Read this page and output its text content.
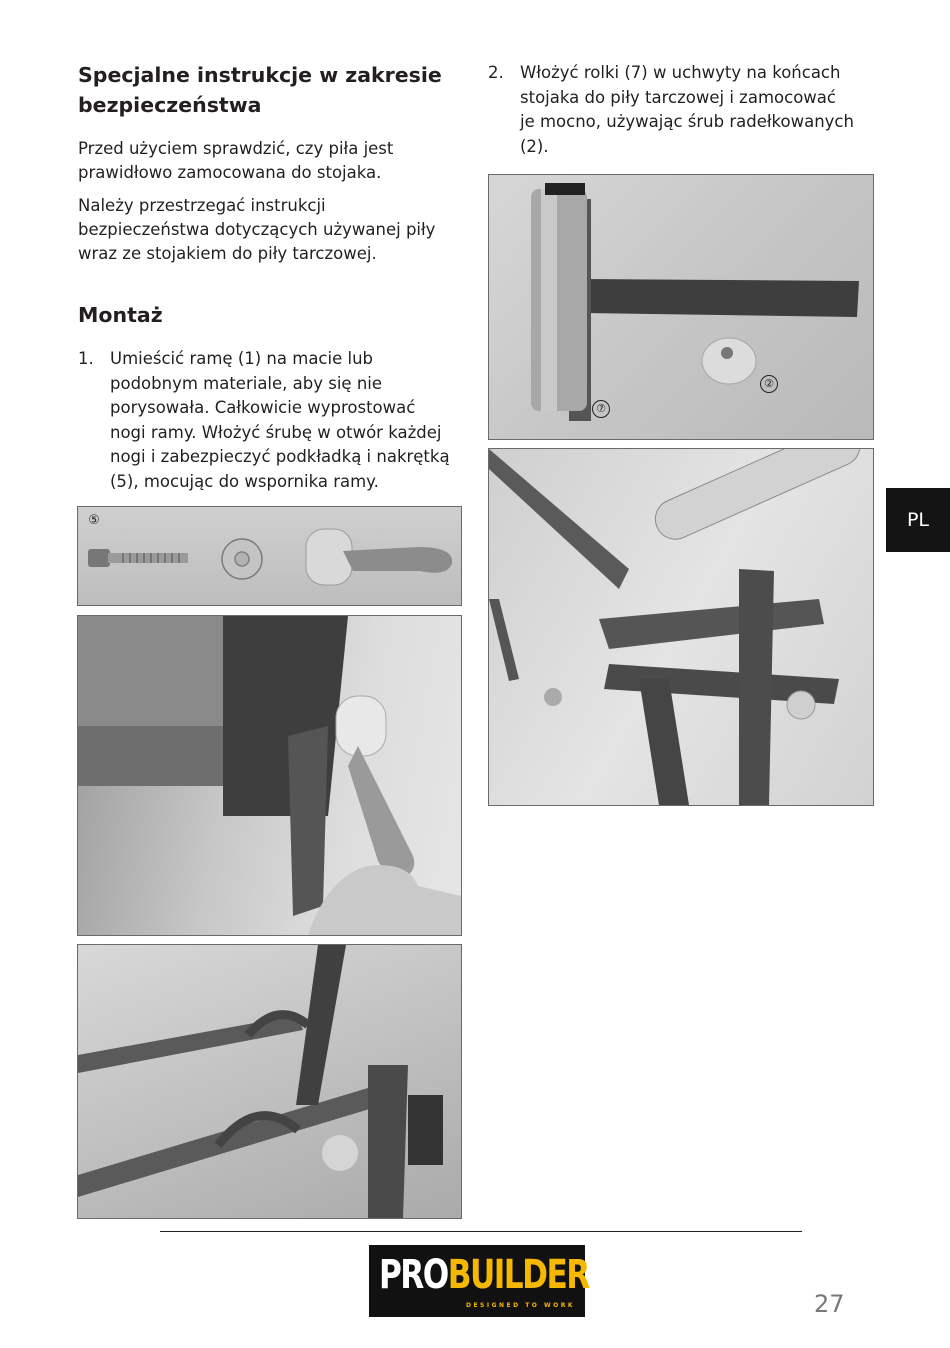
Specjalne instrukcje w zakresie
bezpieczeństwa

Przed użyciem sprawdzić, czy piła jest

prawidłowo zamocowana do stojaka.

Należy przestrzegać instrukcji

bezpieczeństwa dotyczących używanej piły

wraz ze stojakiem do piły tarczowej.

Montaż
1. Umieścić ramę (1) na macie lub
podobnym materiale, aby się nie
porysowała. Całkowicie wyprostować
nogi ramy. Włożyć śrubę w otwór każdej
nogi i zabezpieczyć podkładką i nakrętką
(5), mocując do wspornika ramy.
⑤
2. Włożyć rolki (7) w uchwyty na końcach
stojaka do piły tarczowej i zamocować
je mocno, używając śrub radełkowanych
(2).
②
⑦
PL
PROBUILDER
DESIGNED TO WORK	27
